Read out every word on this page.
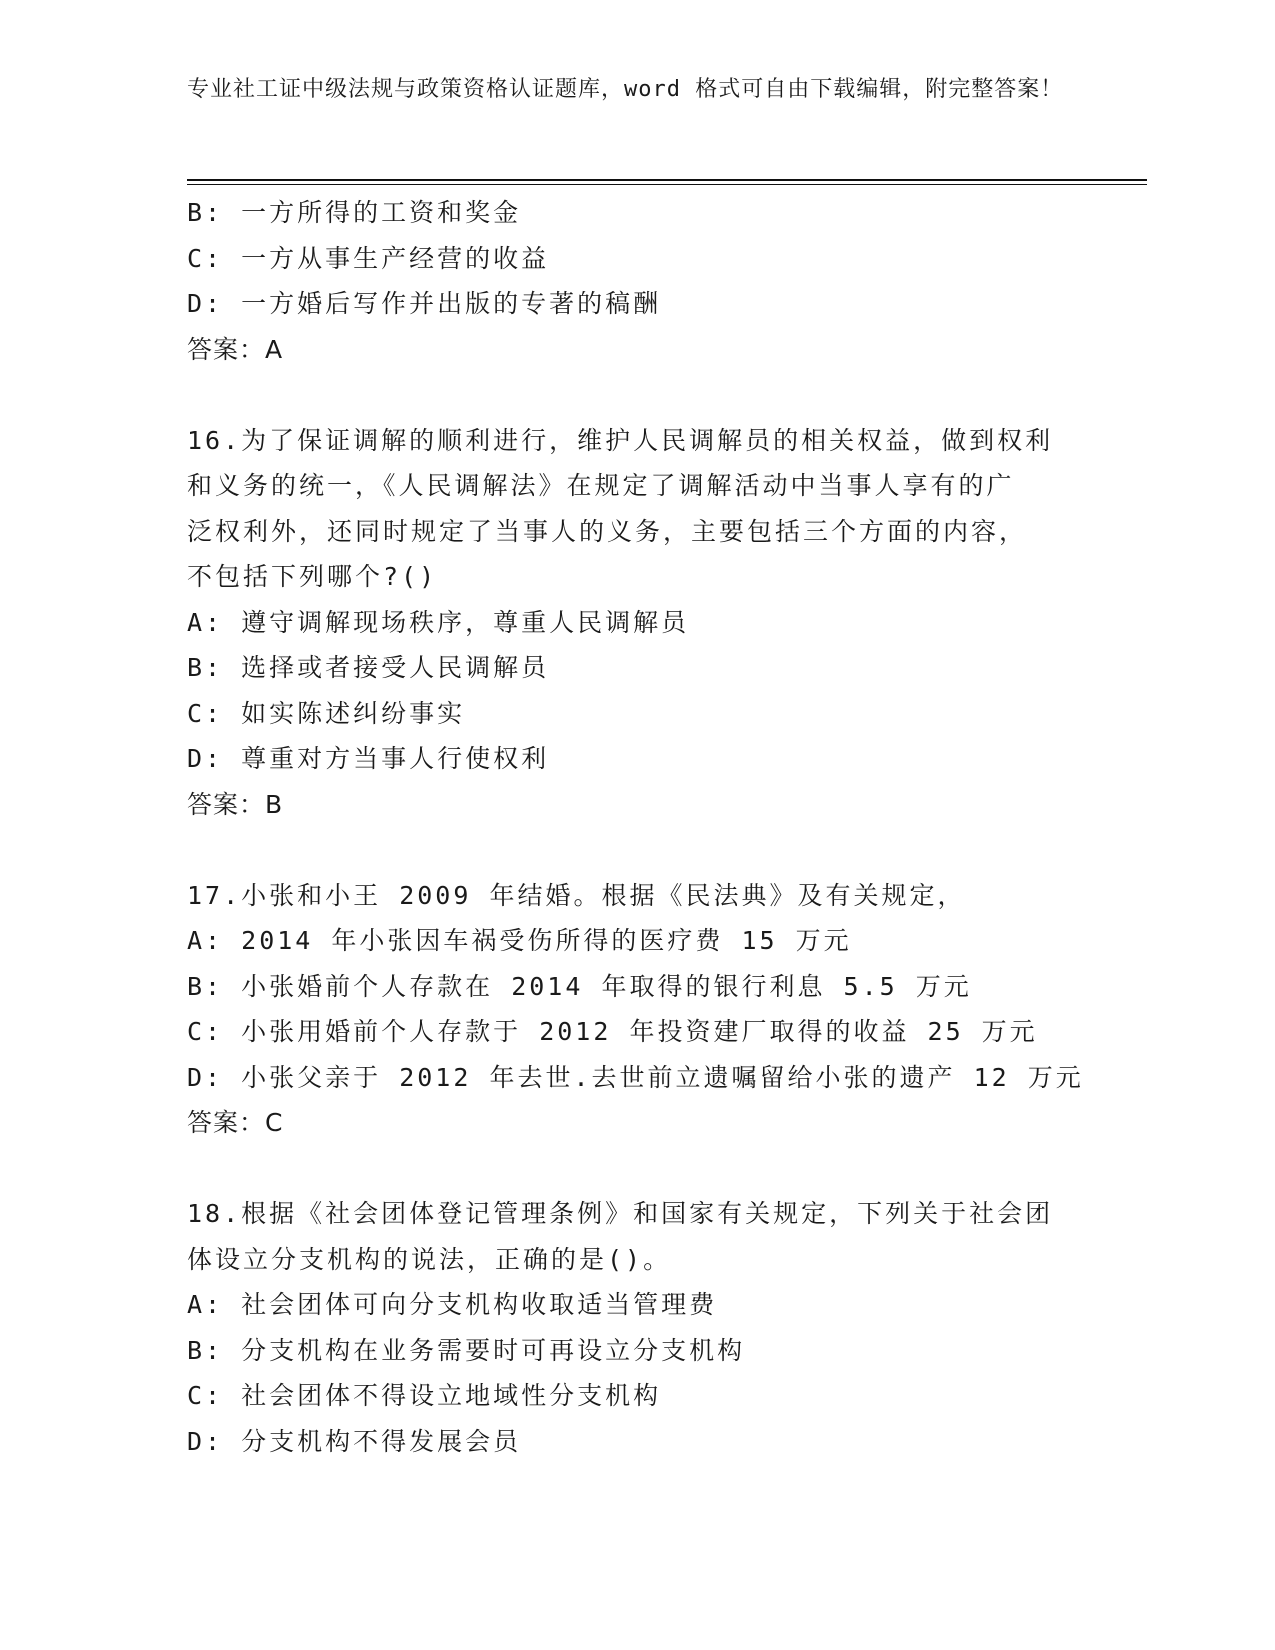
专业社工证中级法规与政策资格认证题库，word 格式可自由下载编辑，附完整答案！
B: 一方所得的工资和奖金
C: 一方从事生产经营的收益
D: 一方婚后写作并出版的专著的稿酬
答案：A
16.为了保证调解的顺利进行，维护人民调解员的相关权益，做到权利
和义务的统一，《人民调解法》在规定了调解活动中当事人享有的广
泛权利外，还同时规定了当事人的义务，主要包括三个方面的内容，
不包括下列哪个?()
A: 遵守调解现场秩序，尊重人民调解员
B: 选择或者接受人民调解员
C: 如实陈述纠纷事实
D: 尊重对方当事人行使权利
答案：B
17.小张和小王 2009 年结婚。根据《民法典》及有关规定，
A: 2014 年小张因车祸受伤所得的医疗费 15 万元
B: 小张婚前个人存款在 2014 年取得的银行利息 5.5 万元
C: 小张用婚前个人存款于 2012 年投资建厂取得的收益 25 万元
D: 小张父亲于 2012 年去世.去世前立遗嘱留给小张的遗产 12 万元
答案：C
18.根据《社会团体登记管理条例》和国家有关规定，下列关于社会团
体设立分支机构的说法，正确的是()。
A: 社会团体可向分支机构收取适当管理费
B: 分支机构在业务需要时可再设立分支机构
C: 社会团体不得设立地域性分支机构
D: 分支机构不得发展会员
